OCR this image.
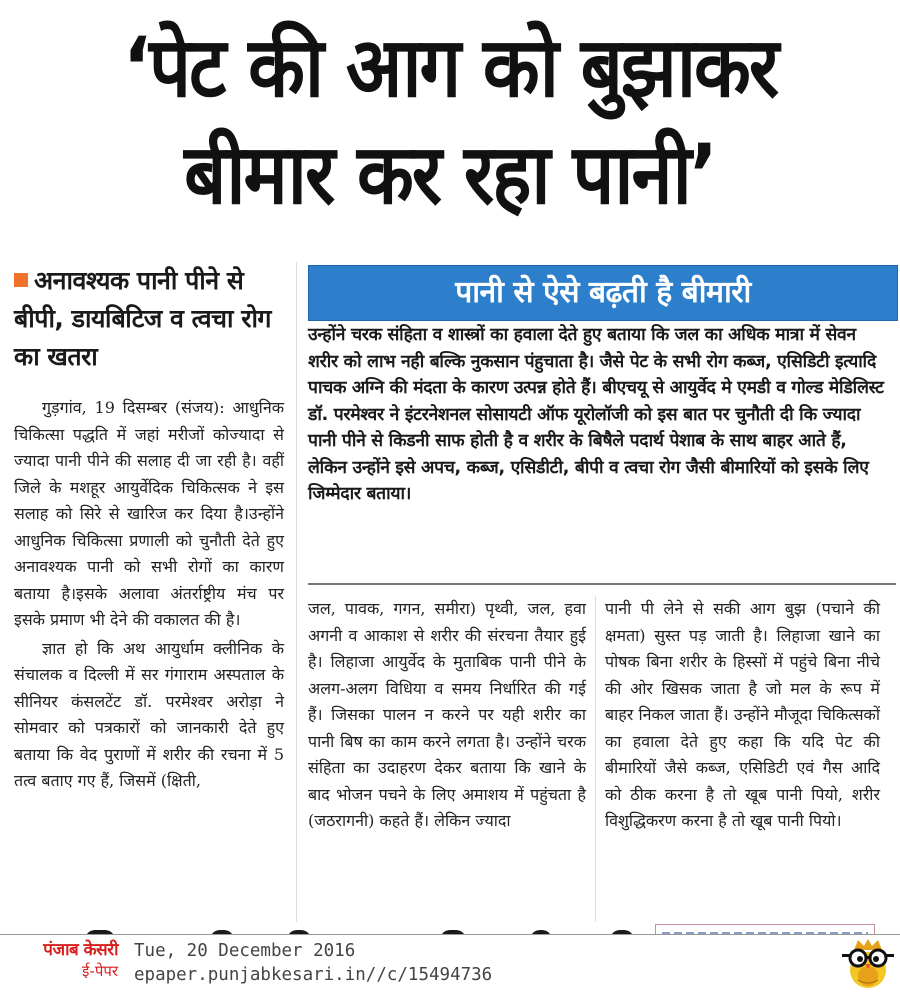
‘पेट की आग को बुझाकर
बीमार कर रहा पानी’
अनावश्यक पानी पीने से बीपी, डायबिटिज व त्वचा रोग का खतरा
पानी से ऐसे बढ़ती है बीमारी
उन्होंने चरक संहिता व शास्त्रों का हवाला देते हुए बताया कि जल का अधिक मात्रा में सेवन शरीर को लाभ नही बल्कि नुकसान पंहुचाता है। जैसे पेट के सभी रोग कब्ज, एसिडिटी इत्यादि पाचक अग्नि की मंदता के कारण उत्पन्न होते हैं। बीएचयू से आयुर्वेद मे एमडी व गोल्ड मेडिलिस्ट डॉ. परमेश्वर ने इंटरनेशनल सोसायटी ऑफ यूरोलॉजी को इस बात पर चुनौती दी कि ज्यादा पानी पीने से किडनी साफ होती है व शरीर के बिषैले पदार्थ पेशाब के साथ बाहर आते हैं, लेकिन उन्होंने इसे अपच, कब्ज, एसिडीटी, बीपी व त्वचा रोग जैसी बीमारियों को इसके लिए जिम्मेदार बताया।

गुड़गांव, 19 दिसम्बर (संजय): आधुनिक चिकित्सा पद्धति में जहां मरीजों कोज्यादा से ज्यादा पानी पीने की सलाह दी जा रही है। वहीं जिले के मशहूर आयुर्वेदिक चिकित्सक ने इस सलाह को सिरे से खारिज कर दिया है।उन्होंने आधुनिक चिकित्सा प्रणाली को चुनौती देते हुए अनावश्यक पानी को सभी रोगों का कारण बताया है।इसके अलावा अंतर्राष्ट्रीय मंच पर इसके प्रमाण भी देने की वकालत की है।

ज्ञात हो कि अथ आयुर्धाम क्लीनिक के संचालक व दिल्ली में सर गंगाराम अस्पताल के सीनियर कंसलटेंट डॉ. परमेश्वर अरोड़ा ने सोमवार को पत्रकारों को जानकारी देते हुए बताया कि वेद पुराणों में शरीर की रचना में 5 तत्व बताए गए हैं, जिसमें (क्षिती,

जल, पावक, गगन, समीरा) पृथ्वी, जल, हवा अगनी व आकाश से शरीर की संरचना तैयार हुई है। लिहाजा आयुर्वेद के मुताबिक पानी पीने के अलग-अलग विधिया व समय निर्धारित की गई हैं। जिसका पालन न करने पर यही शरीर का पानी बिष का काम करने लगता है। उन्होंने चरक संहिता का उदाहरण देकर बताया कि खाने के बाद भोजन पचने के लिए अमाशय में पहुंचता है (जठरागनी) कहते हैं। लेकिन ज्यादा

पानी पी लेने से सकी आग बुझ (पचाने की क्षमता) सुस्त पड़ जाती है। लिहाजा खाने का पोषक बिना शरीर के हिस्सों में पहुंचे बिना नीचे की ओर खिसक जाता है जो मल के रूप में बाहर निकल जाता हैं। उन्होंने मौजूदा चिकित्सकों का हवाला देते हुए कहा कि यदि पेट की बीमारियों जैसे कब्ज, एसिडिटी एवं गैस आदि को ठीक करना है तो खूब पानी पियो, शरीर विशुद्धिकरण करना है तो खूब पानी पियो।

पंजाब केसरी
ई-पेपर
Tue, 20 December 2016
epaper.punjabkesari.in//c/15494736
